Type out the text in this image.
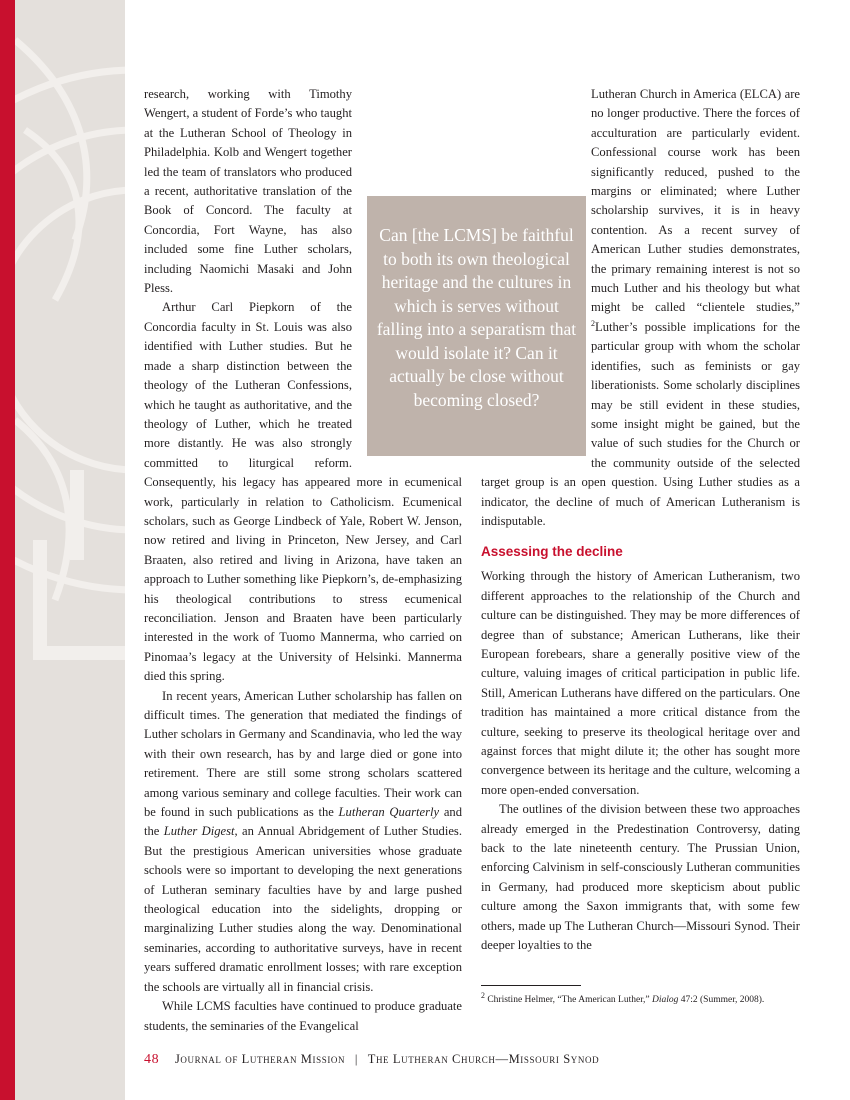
research, working with Timothy Wengert, a student of Forde’s who taught at the Lutheran School of Theology in Philadelphia. Kolb and Wengert together led the team of translators who produced a recent, authoritative translation of the Book of Concord. The faculty at Concordia, Fort Wayne, has also included some fine Luther scholars, including Naomichi Masaki and John Pless.

Arthur Carl Piepkorn of the Concordia faculty in St. Louis was also identified with Luther studies. But he made a sharp distinction between the theology of the Lutheran Confessions, which he taught as authoritative, and the theology of Luther, which he treated more distantly. He was also strongly committed to liturgical reform. Consequently, his legacy has appeared more in ecumenical work, particularly in relation to Catholicism. Ecumenical scholars, such as George Lindbeck of Yale, Robert W. Jenson, now retired and living in Princeton, New Jersey, and Carl Braaten, also retired and living in Arizona, have taken an approach to Luther something like Piepkorn’s, de-emphasizing his theological contributions to stress ecumenical reconciliation. Jenson and Braaten have been particularly interested in the work of Tuomo Mannerma, who carried on Pinomaa’s legacy at the University of Helsinki. Mannerma died this spring.

In recent years, American Luther scholarship has fallen on difficult times. The generation that mediated the findings of Luther scholars in Germany and Scandinavia, who led the way with their own research, has by and large died or gone into retirement. There are still some strong scholars scattered among various seminary and college faculties. Their work can be found in such publications as the Lutheran Quarterly and the Luther Digest, an Annual Abridgement of Luther Studies. But the prestigious American universities whose graduate schools were so important to developing the next generations of Lutheran seminary faculties have by and large pushed theological education into the sidelights, dropping or marginalizing Luther studies along the way. Denominational seminaries, according to authoritative surveys, have in recent years suffered dramatic enrollment losses; with rare exception the schools are virtually all in financial crisis.

While LCMS faculties have continued to produce graduate students, the seminaries of the Evangelical

Lutheran Church in America (ELCA) are no longer productive. There the forces of acculturation are particularly evident. Confessional course work has been significantly reduced, pushed to the margins or eliminated; where Luther scholarship survives, it is in heavy contention. As a recent survey of American Luther studies demonstrates, the primary remaining interest is not so much Luther and his theology but what might be called “clientele studies,” $^2$Luther’s possible implications for the particular group with whom the scholar identifies, such as feminists or gay liberationists. Some scholarly disciplines may be still evident in these studies, some insight might be gained, but the value of such studies for the Church or the community outside of the selected target group is an open question. Using Luther studies as a indicator, the decline of much of American Lutheranism is indisputable.

Assessing the decline

Working through the history of American Lutheranism, two different approaches to the relationship of the Church and culture can be distinguished. They may be more differences of degree than of substance; American Lutherans, like their European forebears, share a generally positive view of the culture, valuing images of critical participation in public life. Still, American Lutherans have differed on the particulars. One tradition has maintained a more critical distance from the culture, seeking to preserve its theological heritage over and against forces that might dilute it; the other has sought more convergence between its heritage and the culture, welcoming a more open-ended conversation.

The outlines of the division between these two approaches already emerged in the Predestination Controversy, dating back to the late nineteenth century. The Prussian Union, enforcing Calvinism in self-consciously Lutheran communities in Germany, had produced more skepticism about public culture among the Saxon immigrants that, with some few others, made up The Lutheran Church—Missouri Synod. Their deeper loyalties to the

Can [the LCMS] be faithful to both its own theological heritage and the cultures in which is serves without falling into a separatism that would isolate it? Can it actually be close without becoming closed?
$^2$ Christine Helmer, “The American Luther,” Dialog 47:2 (Summer, 2008).
48 Journal of Lutheran Mission | The Lutheran Church—Missouri Synod
